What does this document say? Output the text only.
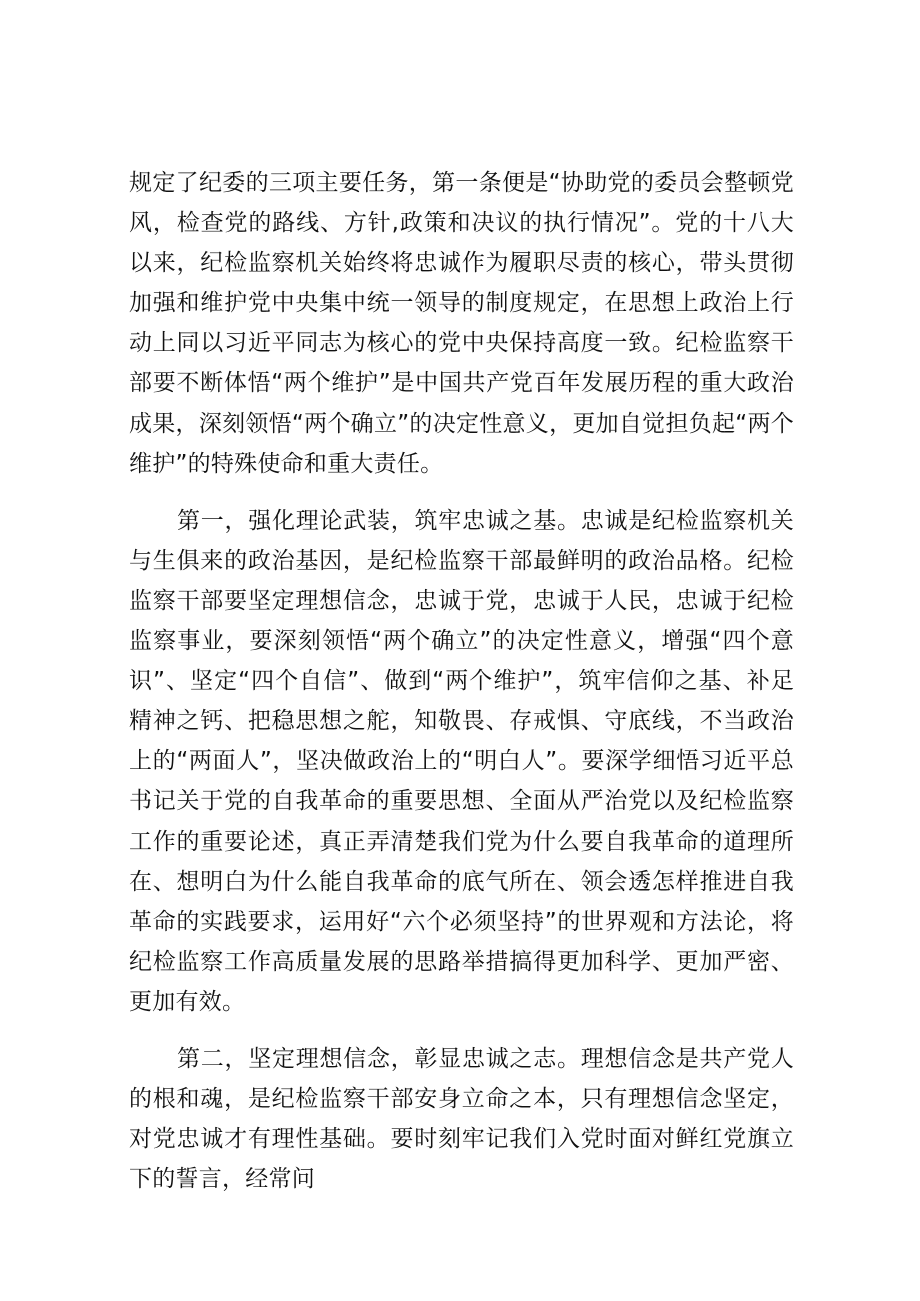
规定了纪委的三项主要任务，第一条便是“协助党的委员会整顿党风，检查党的路线、方针,政策和决议的执行情况”。党的十八大以来，纪检监察机关始终将忠诚作为履职尽责的核心，带头贯彻加强和维护党中央集中统一领导的制度规定，在思想上政治上行动上同以习近平同志为核心的党中央保持高度一致。纪检监察干部要不断体悟“两个维护”是中国共产党百年发展历程的重大政治成果，深刻领悟“两个确立”的决定性意义，更加自觉担负起“两个维护”的特殊使命和重大责任。

第一，强化理论武装，筑牢忠诚之基。忠诚是纪检监察机关与生俱来的政治基因，是纪检监察干部最鲜明的政治品格。纪检监察干部要坚定理想信念，忠诚于党，忠诚于人民，忠诚于纪检监察事业，要深刻领悟“两个确立”的决定性意义，增强“四个意识”、坚定“四个自信”、做到“两个维护”，筑牢信仰之基、补足精神之钙、把稳思想之舵，知敬畏、存戒惧、守底线，不当政治上的“两面人”，坚决做政治上的“明白人”。要深学细悟习近平总书记关于党的自我革命的重要思想、全面从严治党以及纪检监察工作的重要论述，真正弄清楚我们党为什么要自我革命的道理所在、想明白为什么能自我革命的底气所在、领会透怎样推进自我革命的实践要求，运用好“六个必须坚持”的世界观和方法论，将纪检监察工作高质量发展的思路举措搞得更加科学、更加严密、更加有效。

第二，坚定理想信念，彰显忠诚之志。理想信念是共产党人的根和魂，是纪检监察干部安身立命之本，只有理想信念坚定，对党忠诚才有理性基础。要时刻牢记我们入党时面对鲜红党旗立下的誓言，经常问
